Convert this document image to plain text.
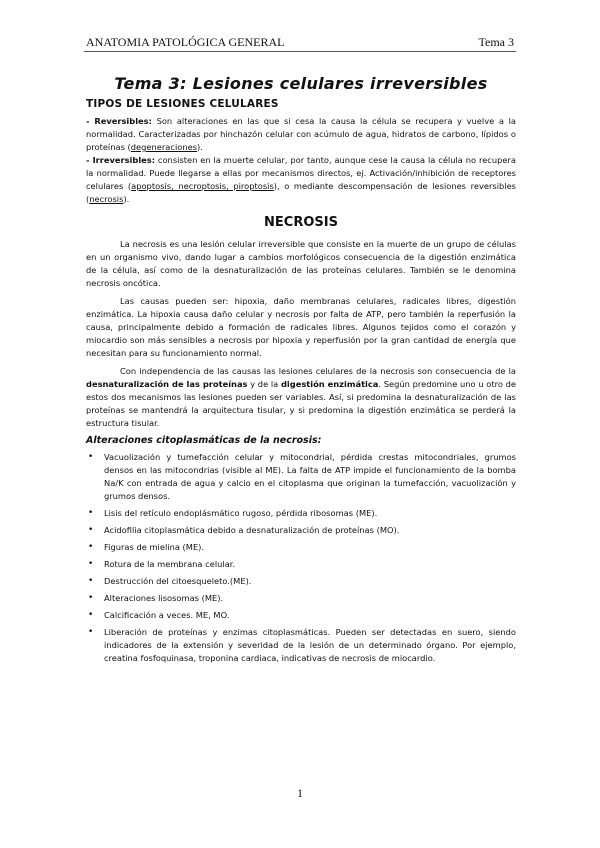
ANATOMIA PATOLÓGICA GENERAL	Tema 3
Tema 3: Lesiones celulares irreversibles
TIPOS DE LESIONES CELULARES

- Reversibles: Son alteraciones en las que si cesa la causa la célula se recupera y vuelve a la normalidad. Caracterizadas por hinchazón celular con acúmulo de agua, hidratos de carbono, lípidos o proteínas (degeneraciones).

- Irreversibles: consisten en la muerte celular, por tanto, aunque cese la causa la célula no recupera la normalidad. Puede llegarse a ellas por mecanismos directos, ej. Activación/inhibición de receptores celulares (apoptosis, necroptosis, piroptosis), o mediante descompensación de lesiones reversibles (necrosis).

NECROSIS

La necrosis es una lesión celular irreversible que consiste en la muerte de un grupo de células en un organismo vivo, dando lugar a cambios morfológicos consecuencia de la digestión enzimática de la célula, así como de la desnaturalización de las proteínas celulares. También se le denomina necrosis oncótica.

Las causas pueden ser: hipoxia, daño membranas celulares, radicales libres, digestión enzimática. La hipoxia causa daño celular y necrosis por falta de ATP, pero también la reperfusión la causa, principalmente debido a formación de radicales libres. Algunos tejidos como el corazón y miocardio son más sensibles a necrosis por hipoxia y reperfusión por la gran cantidad de energía que necesitan para su funcionamiento normal.

Con independencia de las causas las lesiones celulares de la necrosis son consecuencia de la desnaturalización de las proteínas y de la digestión enzimática. Según predomine uno u otro de estos dos mecanismos las lesiones pueden ser variables. Así, si predomina la desnaturalización de las proteínas se mantendrá la arquitectura tisular, y si predomina la digestión enzimática se perderá la estructura tisular.

Alteraciones citoplasmáticas de la necrosis:
• Vacuolización y tumefacción celular y mitocondrial, pérdida crestas mitocondriales, grumos densos en las mitocondrias (visible al ME). La falta de ATP impide el funcionamiento de la bomba Na/K con entrada de agua y calcio en el citoplasma que originan la tumefacción, vacuolización y grumos densos.
• Lisis del retículo endoplásmático rugoso, pérdida ribosomas (ME).
• Acidofilia citoplasmática debido a desnaturalización de proteínas (MO).
• Figuras de mielina (ME).
• Rotura de la membrana celular.
• Destrucción del citoesqueleto.(ME).
• Alteraciones lisosomas (ME).
• Calcificación a veces. ME, MO.
• Liberación de proteínas y enzimas citoplasmáticas. Pueden ser detectadas en suero, siendo indicadores de la extensión y severidad de la lesión de un determinado órgano. Por ejemplo, creatina fosfoquinasa, troponina cardiaca, indicativas de necrosis de miocardio.
1
